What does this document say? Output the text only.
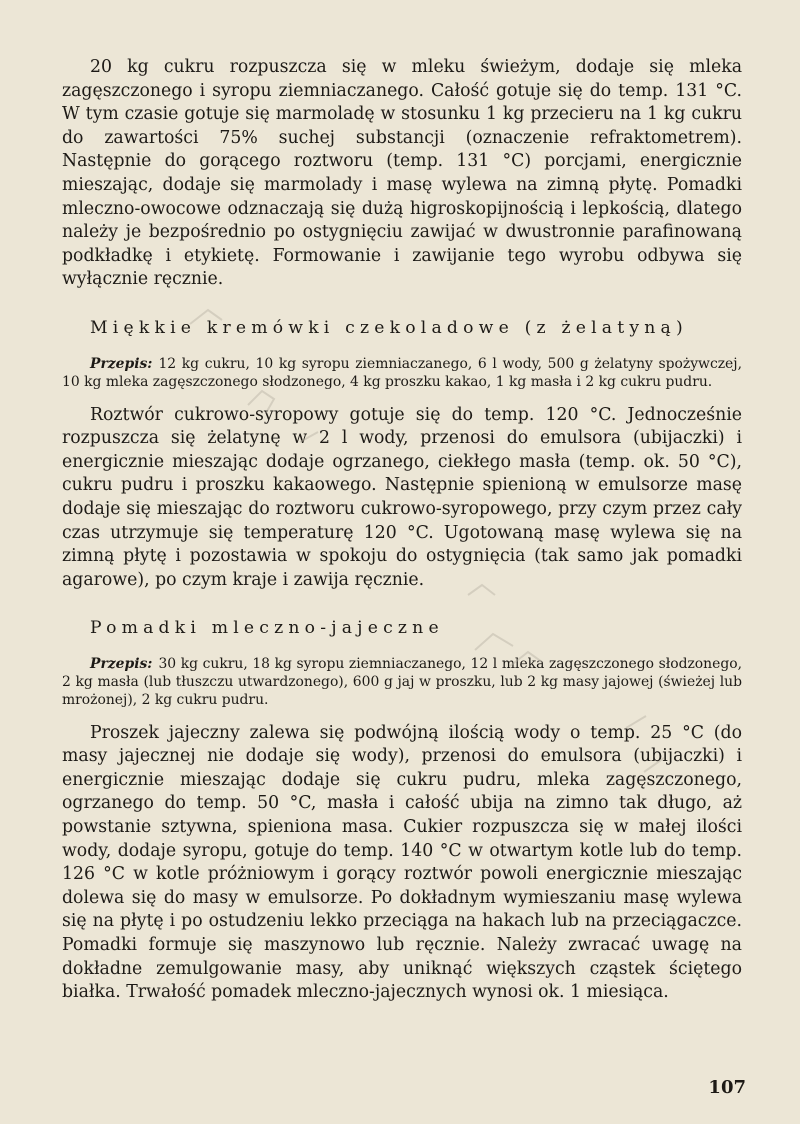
20 kg cukru rozpuszcza się w mleku świeżym, dodaje się mleka zagęszczonego i syropu ziemniaczanego. Całość gotuje się do temp. 131 °C. W tym czasie gotuje się marmoladę w stosunku 1 kg przecieru na 1 kg cukru do zawartości 75% suchej substancji (oznaczenie refraktometrem). Następnie do gorącego roztworu (temp. 131 °C) porcjami, energicznie mieszając, dodaje się marmolady i masę wylewa na zimną płytę. Pomadki mleczno-owocowe odznaczają się dużą higroskopijnością i lepkością, dlatego należy je bezpośrednio po ostygnięciu zawijać w dwustronnie parafinowaną podkładkę i etykietę. Formowanie i zawijanie tego wyrobu odbywa się wyłącznie ręcznie.

Miękkie kremówki czekoladowe (z żelatyną)

Przepis: 12 kg cukru, 10 kg syropu ziemniaczanego, 6 l wody, 500 g żelatyny spożywczej, 10 kg mleka zagęszczonego słodzonego, 4 kg proszku kakao, 1 kg masła i 2 kg cukru pudru.

Roztwór cukrowo-syropowy gotuje się do temp. 120 °C. Jednocześnie rozpuszcza się żelatynę w 2 l wody, przenosi do emulsora (ubijaczki) i energicznie mieszając dodaje ogrzanego, ciekłego masła (temp. ok. 50 °C), cukru pudru i proszku kakaowego. Następnie spienioną w emulsorze masę dodaje się mieszając do roztworu cukrowo-syropowego, przy czym przez cały czas utrzymuje się temperaturę 120 °C. Ugotowaną masę wylewa się na zimną płytę i pozostawia w spokoju do ostygnięcia (tak samo jak pomadki agarowe), po czym kraje i zawija ręcznie.

Pomadki mleczno-jajeczne

Przepis: 30 kg cukru, 18 kg syropu ziemniaczanego, 12 l mleka zagęszczonego słodzonego, 2 kg masła (lub tłuszczu utwardzonego), 600 g jaj w proszku, lub 2 kg masy jajowej (świeżej lub mrożonej), 2 kg cukru pudru.

Proszek jajeczny zalewa się podwójną ilością wody o temp. 25 °C (do masy jajecznej nie dodaje się wody), przenosi do emulsora (ubijaczki) i energicznie mieszając dodaje się cukru pudru, mleka zagęszczonego, ogrzanego do temp. 50 °C, masła i całość ubija na zimno tak długo, aż powstanie sztywna, spieniona masa. Cukier rozpuszcza się w małej ilości wody, dodaje syropu, gotuje do temp. 140 °C w otwartym kotle lub do temp. 126 °C w kotle próżniowym i gorący roztwór powoli energicznie mieszając dolewa się do masy w emulsorze. Po dokładnym wymieszaniu masę wylewa się na płytę i po ostudzeniu lekko przeciąga na hakach lub na przeciągaczce. Pomadki formuje się maszynowo lub ręcznie. Należy zwracać uwagę na dokładne zemulgowanie masy, aby uniknąć większych cząstek ściętego białka. Trwałość pomadek mleczno-jajecznych wynosi ok. 1 miesiąca.

107
